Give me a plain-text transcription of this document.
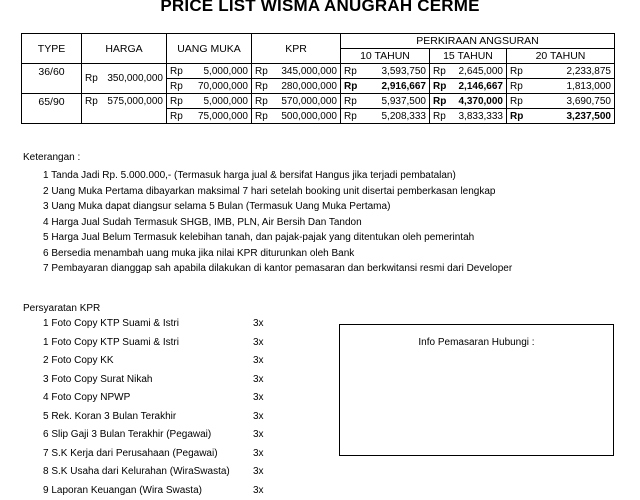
PRICE LIST WISMA ANUGRAH CERME
TYPE	HARGA	UANG MUKA	KPR	PERKIRAAN ANGSURAN		
				10 TAHUN	15 TAHUN	20 TAHUN
36/60	Rp 350,000,000	Rp 5,000,000	Rp 345,000,000	Rp 3,593,750	Rp 2,645,000	Rp 2,233,875

		Rp 70,000,000	Rp 280,000,000	Rp 2,916,667	Rp 2,146,667	Rp 1,813,000

65/90	Rp 575,000,000	Rp 5,000,000	Rp 570,000,000	Rp 5,937,500	Rp 4,370,000	Rp 3,690,750

		Rp 75,000,000	Rp 500,000,000	Rp 5,208,333	Rp 3,833,333	Rp 3,237,500
Keterangan :
1 Tanda Jadi Rp. 5.000.000,- (Termasuk harga jual & bersifat Hangus jika terjadi pembatalan)
2 Uang Muka Pertama dibayarkan maksimal 7 hari setelah booking unit disertai pemberkasan lengkap
3 Uang Muka dapat diangsur selama 5 Bulan (Termasuk Uang Muka Pertama)
4 Harga Jual Sudah Termasuk SHGB, IMB, PLN, Air Bersih Dan Tandon
5 Harga Jual Belum Termasuk kelebihan tanah, dan pajak-pajak yang ditentukan oleh pemerintah
6 Bersedia menambah uang muka jika nilai KPR diturunkan oleh Bank
7 Pembayaran dianggap sah apabila dilakukan di kantor pemasaran dan berkwitansi resmi dari Developer
Persyaratan KPR
1 Foto Copy KTP Suami & Istri	3x
1 Foto Copy KTP Suami & Istri	3x
2 Foto Copy KK	3x
3 Foto Copy Surat Nikah	3x
4 Foto Copy NPWP	3x
5 Rek. Koran 3 Bulan Terakhir	3x
6 Slip Gaji 3 Bulan Terakhir (Pegawai)	3x
7 S.K Kerja dari Perusahaan (Pegawai)	3x
8 S.K Usaha dari Kelurahan (WiraSwasta) 3x
9 Laporan Keuangan (Wira Swasta)	3x
Info Pemasaran Hubungi :
